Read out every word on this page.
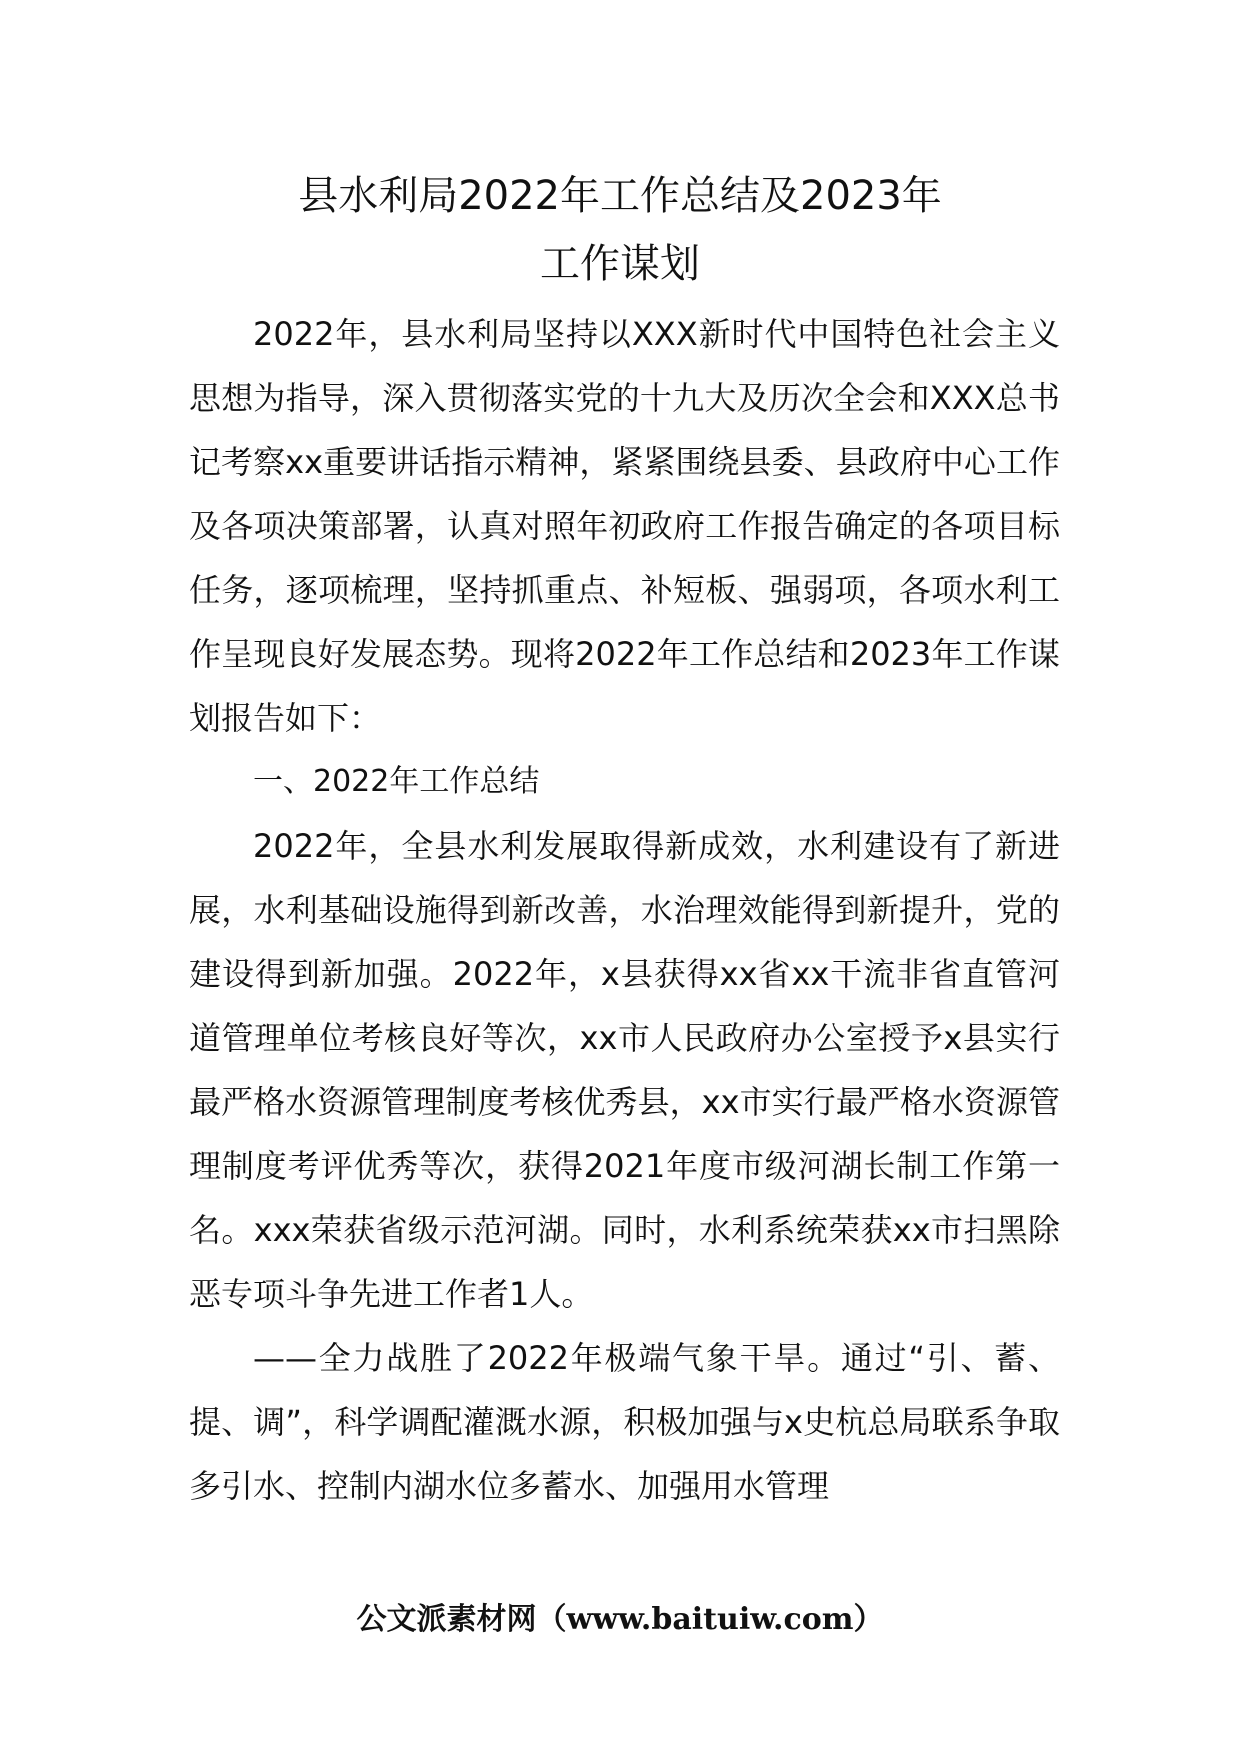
县水利局2022年工作总结及2023年
工作谋划

2022年，县水利局坚持以XXX新时代中国特色社会主义思想为指导，深入贯彻落实党的十九大及历次全会和XXX总书记考察xx重要讲话指示精神，紧紧围绕县委、县政府中心工作及各项决策部署，认真对照年初政府工作报告确定的各项目标任务，逐项梳理，坚持抓重点、补短板、强弱项，各项水利工作呈现良好发展态势。现将2022年工作总结和2023年工作谋划报告如下：

一、2022年工作总结

2022年，全县水利发展取得新成效，水利建设有了新进展，水利基础设施得到新改善，水治理效能得到新提升，党的建设得到新加强。2022年，x县获得xx省xx干流非省直管河道管理单位考核良好等次，xx市人民政府办公室授予x县实行最严格水资源管理制度考核优秀县，xx市实行最严格水资源管理制度考评优秀等次，获得2021年度市级河湖长制工作第一名。xxx荣获省级示范河湖。同时，水利系统荣获xx市扫黑除恶专项斗争先进工作者1人。

——全力战胜了2022年极端气象干旱。通过“引、蓄、提、调”，科学调配灌溉水源，积极加强与x史杭总局联系争取多引水、控制内湖水位多蓄水、加强用水管理

公文派素材网（www.baituiw.com）
